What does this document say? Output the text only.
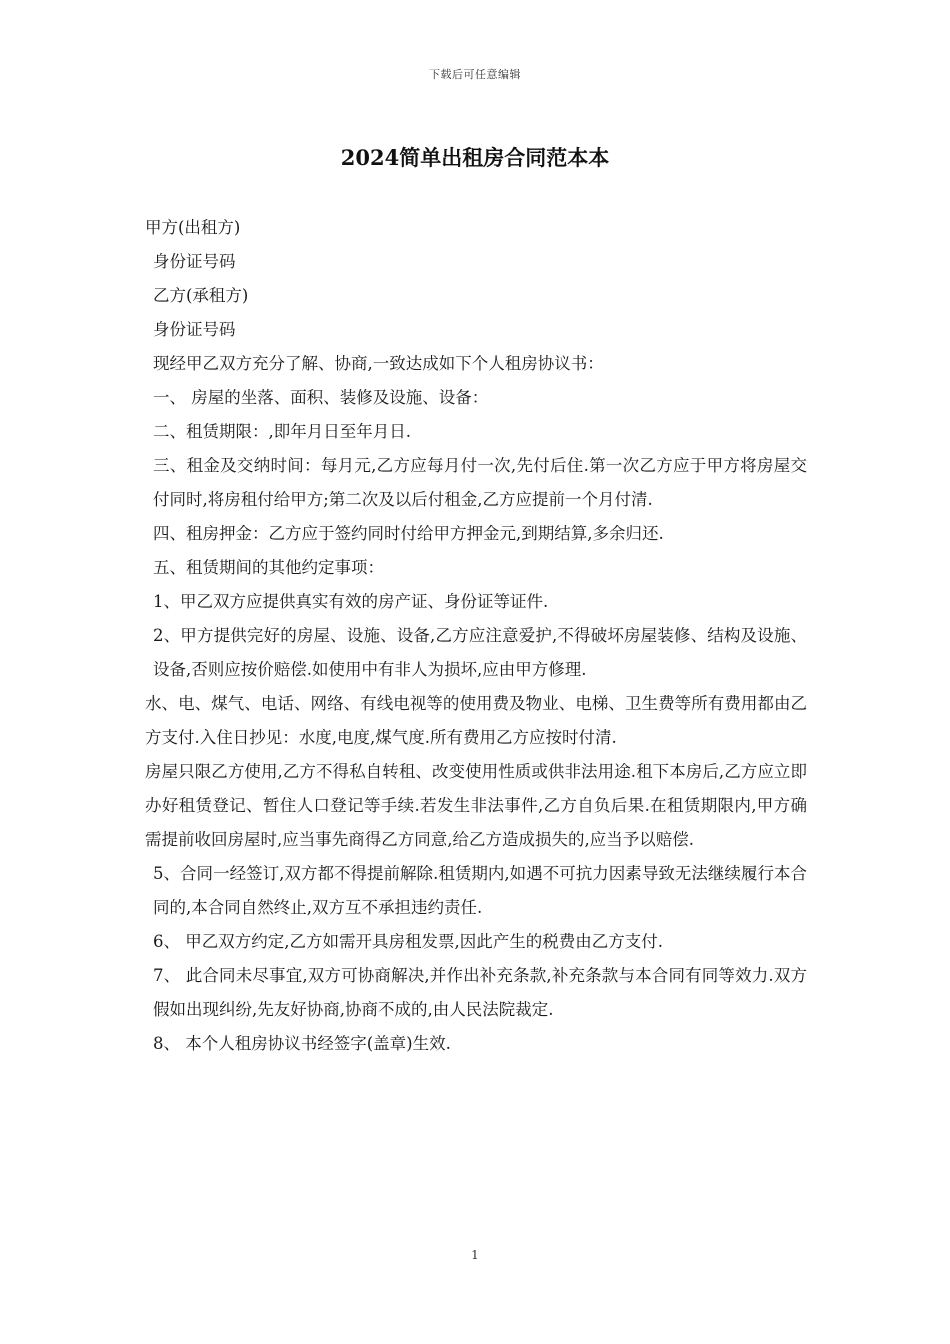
下载后可任意编辑
2024简单出租房合同范本本

甲方(出租方)

身份证号码

乙方(承租方)

身份证号码

现经甲乙双方充分了解、协商,一致达成如下个人租房协议书：

一、 房屋的坐落、面积、装修及设施、设备：

二、租赁期限：,即年月日至年月日.

三、租金及交纳时间：每月元,乙方应每月付一次,先付后住.第一次乙方应于甲方将房屋交付同时,将房租付给甲方;第二次及以后付租金,乙方应提前一个月付清.

四、租房押金：乙方应于签约同时付给甲方押金元,到期结算,多余归还.

五、租赁期间的其他约定事项：

1、甲乙双方应提供真实有效的房产证、身份证等证件.

2、甲方提供完好的房屋、设施、设备,乙方应注意爱护,不得破坏房屋装修、结构及设施、设备,否则应按价赔偿.如使用中有非人为损坏,应由甲方修理.

水、电、煤气、电话、网络、有线电视等的使用费及物业、电梯、卫生费等所有费用都由乙方支付.入住日抄见：水度,电度,煤气度.所有费用乙方应按时付清.

房屋只限乙方使用,乙方不得私自转租、改变使用性质或供非法用途.租下本房后,乙方应立即办好租赁登记、暂住人口登记等手续.若发生非法事件,乙方自负后果.在租赁期限内,甲方确需提前收回房屋时,应当事先商得乙方同意,给乙方造成损失的,应当予以赔偿.

5、合同一经签订,双方都不得提前解除.租赁期内,如遇不可抗力因素导致无法继续履行本合同的,本合同自然终止,双方互不承担违约责任.

6、 甲乙双方约定,乙方如需开具房租发票,因此产生的税费由乙方支付.

7、 此合同未尽事宜,双方可协商解决,并作出补充条款,补充条款与本合同有同等效力.双方假如出现纠纷,先友好协商,协商不成的,由人民法院裁定.

8、 本个人租房协议书经签字(盖章)生效.

1
